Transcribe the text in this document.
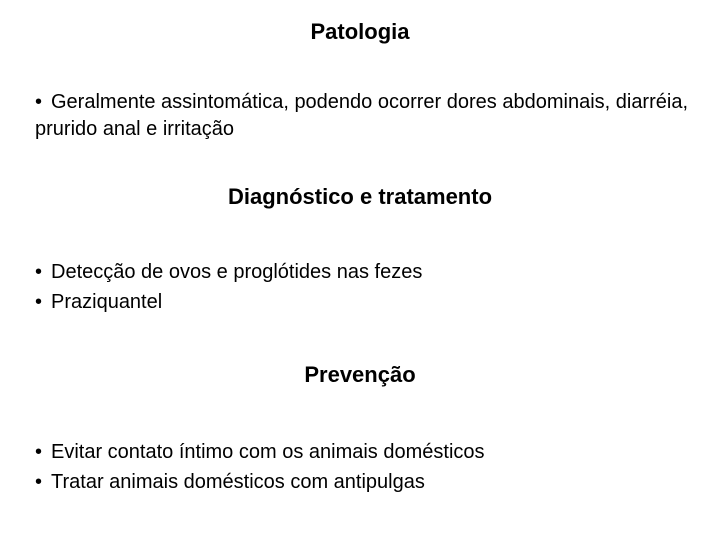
Patologia

• Geralmente assintomática, podendo ocorrer dores abdominais, diarréia, prurido anal e irritação

Diagnóstico e tratamento
• Detecção de ovos e proglótides nas fezes
• Praziquantel
Prevenção
• Evitar contato íntimo com os animais domésticos
• Tratar animais domésticos com antipulgas
